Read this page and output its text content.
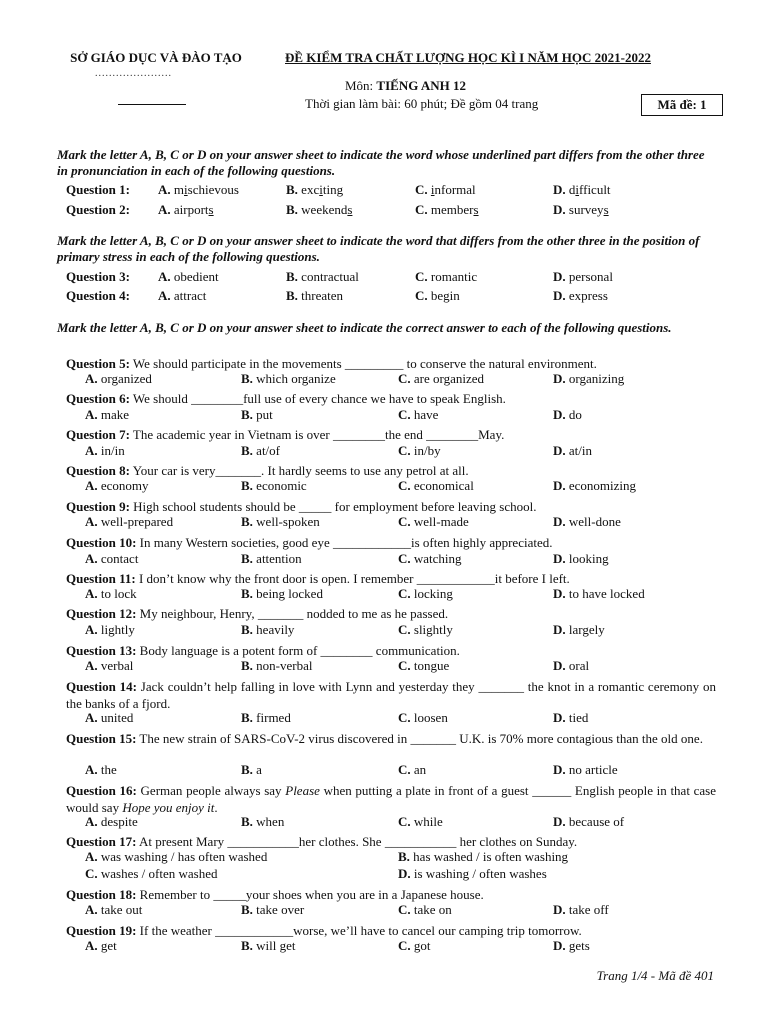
SỞ GIÁO DỤC VÀ ĐÀO TẠO
......................
ĐỀ KIỂM TRA CHẤT LƯỢNG HỌC KÌ I NĂM HỌC 2021-2022
Môn: TIẾNG ANH 12
Thời gian làm bài: 60 phút; Đề gồm 04 trang	Mã đề: 1
Mark the letter A, B, C or D on your answer sheet to indicate the word whose underlined part differs from the other three in pronunciation in each of the following questions.
Question 1: A. mischievous	B. exciting	C. informal	D. difficult
Question 2: A. airports	B. weekends	C. members	D. surveys
Mark the letter A, B, C or D on your answer sheet to indicate the word that differs from the other three in the position of primary stress in each of the following questions.
Question 3: A. obedient	B. contractual	C. romantic	D. personal
Question 4: A. attract	B. threaten	C. begin	D. express
Mark the letter A, B, C or D on your answer sheet to indicate the correct answer to each of the following questions.
Question 5: We should participate in the movements _________ to conserve the natural environment.
A. organized	B. which organize	C. are organized	D. organizing
Question 6: We should ________full use of every chance we have to speak English.
A. make	B. put	C. have	D. do
Question 7: The academic year in Vietnam is over ________the end ________May.
A. in/in	B. at/of	C. in/by	D. at/in
Question 8: Your car is very_______. It hardly seems to use any petrol at all.
A. economy	B. economic	C. economical	D. economizing
Question 9: High school students should be _____ for employment before leaving school.
A. well-prepared	B. well-spoken	C. well-made	D. well-done
Question 10: In many Western societies, good eye ____________is often highly appreciated.
A. contact	B. attention	C. watching	D. looking
Question 11: I don’t know why the front door is open. I remember ____________it before I left.
A. to lock	B. being locked	C. locking	D. to have locked
Question 12: My neighbour, Henry, _______ nodded to me as he passed.
A. lightly	B. heavily	C. slightly	D. largely
Question 13: Body language is a potent form of ________ communication.
A. verbal	B. non-verbal	C. tongue	D. oral
Question 14: Jack couldn’t help falling in love with Lynn and yesterday they _______ the knot in a romantic ceremony on the banks of a fjord.
A. united	B. firmed	C. loosen	D. tied
Question 15: The new strain of SARS-CoV-2 virus discovered in _______ U.K. is 70% more contagious than the old one.
A. the	B. a	C. an	D. no article
Question 16: German people always say Please when putting a plate in front of a guest ______ English people in that case would say Hope you enjoy it.
A. despite	B. when	C. while	D. because of
Question 17: At present Mary ___________her clothes. She ___________ her clothes on Sunday.
A. was washing / has often washed	B. has washed / is often washing
C. washes / often washed	D. is washing / often washes
Question 18: Remember to _____your shoes when you are in a Japanese house.
A. take out	B. take over	C. take on	D. take off
Question 19: If the weather ____________worse, we’ll have to cancel our camping trip tomorrow.
A. get	B. will get	C. got	D. gets
Trang 1/4 - Mã đề 401
